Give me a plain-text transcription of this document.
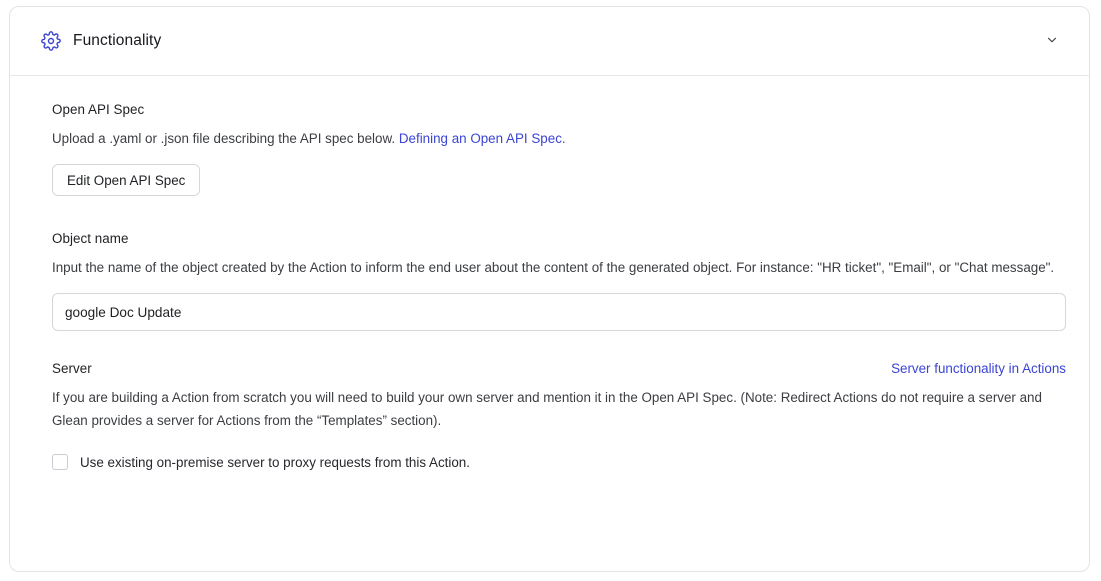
Functionality
Open API Spec

Upload a .yaml or .json file describing the API spec below. Defining an Open API Spec.

Edit Open API Spec
Object name

Input the name of the object created by the Action to inform the end user about the content of the generated object. For instance: "HR ticket", "Email", or "Chat message".

google Doc Update
Server	Server functionality in Actions

If you are building a Action from scratch you will need to build your own server and mention it in the Open API Spec. (Note: Redirect Actions do not require a server and Glean provides a server for Actions from the “Templates” section).

Use existing on-premise server to proxy requests from this Action.
